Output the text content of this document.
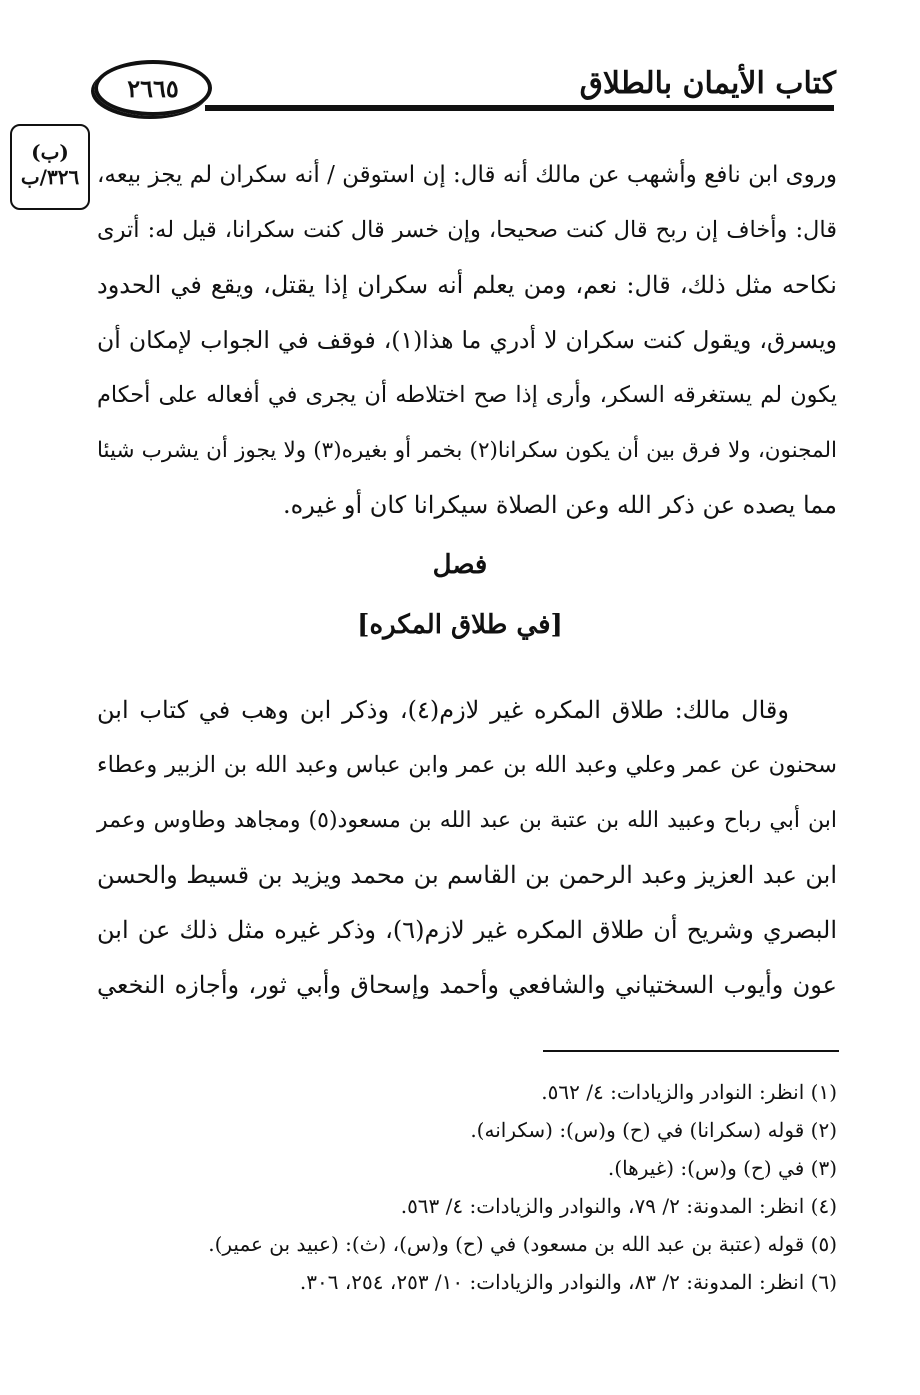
٢٦٦٥	كتاب الأيمان بالطلاق
(ب)
٣٢٦/ب وروى ابن نافع وأشهب عن مالك أنه قال: إن استوقن / أنه سكران لم يجز بيعه،
قال: وأخاف إن ربح قال كنت صحيحا، وإن خسر قال كنت سكرانا، قيل له: أترى
نكاحه مثل ذلك، قال: نعم، ومن يعلم أنه سكران إذا يقتل، ويقع في الحدود
ويسرق، ويقول كنت سكران لا أدري ما هذا(١)، فوقف في الجواب لإمكان أن
يكون لم يستغرقه السكر، وأرى إذا صح اختلاطه أن يجرى في أفعاله على أحكام
المجنون، ولا فرق بين أن يكون سكرانا(٢) بخمر أو بغيره(٣) ولا يجوز أن يشرب شيئا
مما يصده عن ذكر الله وعن الصلاة سيكرانا كان أو غيره.
فصل
[في طلاق المكره]
وقال مالك: طلاق المكره غير لازم(٤)، وذكر ابن وهب في كتاب ابن
سحنون عن عمر وعلي وعبد الله بن عمر وابن عباس وعبد الله بن الزبير وعطاء
ابن أبي رباح وعبيد الله بن عتبة بن عبد الله بن مسعود(٥) ومجاهد وطاوس وعمر
ابن عبد العزيز وعبد الرحمن بن القاسم بن محمد ويزيد بن قسيط والحسن
البصري وشريح أن طلاق المكره غير لازم(٦)، وذكر غيره مثل ذلك عن ابن
عون وأيوب السختياني والشافعي وأحمد وإسحاق وأبي ثور، وأجازه النخعي
(١) انظر: النوادر والزيادات: ٤/ ٥٦٢.
(٢) قوله (سكرانا) في (ح) و(س): (سكرانه).
(٣) في (ح) و(س): (غيرها).
(٤) انظر: المدونة: ٢/ ٧٩، والنوادر والزيادات: ٤/ ٥٦٣.
(٥) قوله (عتبة بن عبد الله بن مسعود) في (ح) و(س)، (ث): (عبيد بن عمير).
(٦) انظر: المدونة: ٢/ ٨٣، والنوادر والزيادات: ١٠/ ٢٥٣، ٢٥٤، ٣٠٦.
